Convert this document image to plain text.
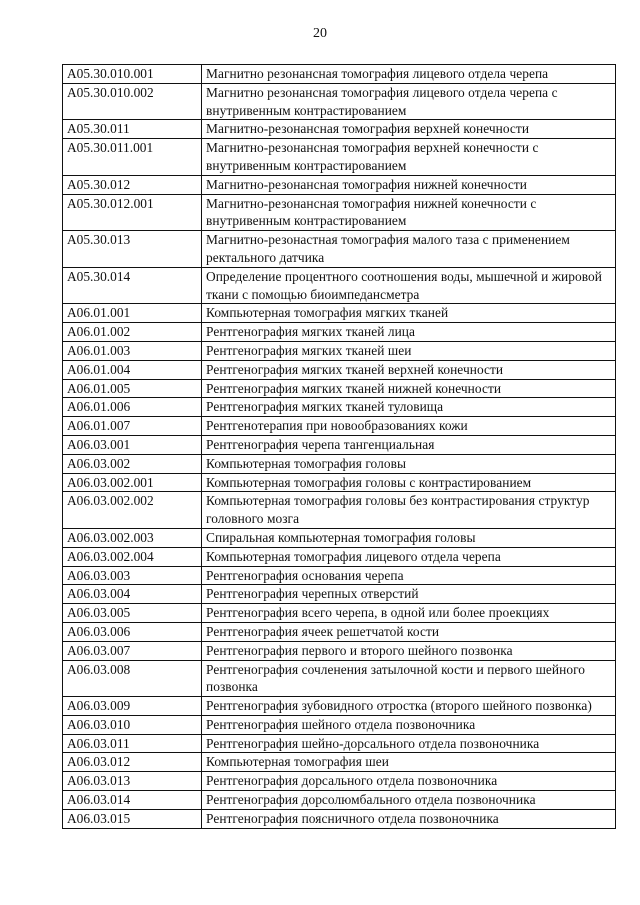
20
A05.30.010.001	Магнитно резонансная томография лицевого отдела черепа
A05.30.010.002	Магнитно резонансная томография лицевого отдела черепа с внутривенным контрастированием
A05.30.011	Магнитно-резонансная томография верхней конечности
A05.30.011.001	Магнитно-резонансная томография верхней конечности с внутривенным контрастированием
A05.30.012	Магнитно-резонансная томография нижней конечности
A05.30.012.001	Магнитно-резонансная томография нижней конечности с внутривенным контрастированием
A05.30.013	Магнитно-резонастная томография малого таза с применением ректального датчика
A05.30.014	Определение процентного соотношения воды, мышечной и жировой ткани с помощью биоимпедансметра
A06.01.001	Компьютерная томография мягких тканей
A06.01.002	Рентгенография мягких тканей лица
A06.01.003	Рентгенография мягких тканей шеи
A06.01.004	Рентгенография мягких тканей верхней конечности
A06.01.005	Рентгенография мягких тканей нижней конечности
A06.01.006	Рентгенография мягких тканей туловища
A06.01.007	Рентгенотерапия при новообразованиях кожи
A06.03.001	Рентгенография черепа тангенциальная
A06.03.002	Компьютерная томография головы
A06.03.002.001	Компьютерная томография головы с контрастированием
A06.03.002.002	Компьютерная томография головы без контрастирования структур головного мозга
A06.03.002.003	Спиральная компьютерная томография головы
A06.03.002.004	Компьютерная томография лицевого отдела черепа
A06.03.003	Рентгенография основания черепа
A06.03.004	Рентгенография черепных отверстий
A06.03.005	Рентгенография всего черепа, в одной или более проекциях
A06.03.006	Рентгенография ячеек решетчатой кости
A06.03.007	Рентгенография первого и второго шейного позвонка
A06.03.008	Рентгенография сочленения затылочной кости и первого шейного позвонка
A06.03.009	Рентгенография зубовидного отростка (второго шейного позвонка)
A06.03.010	Рентгенография шейного отдела позвоночника
A06.03.011	Рентгенография шейно-дорсального отдела позвоночника
A06.03.012	Компьютерная томография шеи
A06.03.013	Рентгенография дорсального отдела позвоночника
A06.03.014	Рентгенография дорсолюмбального отдела позвоночника
A06.03.015	Рентгенография поясничного отдела позвоночника
